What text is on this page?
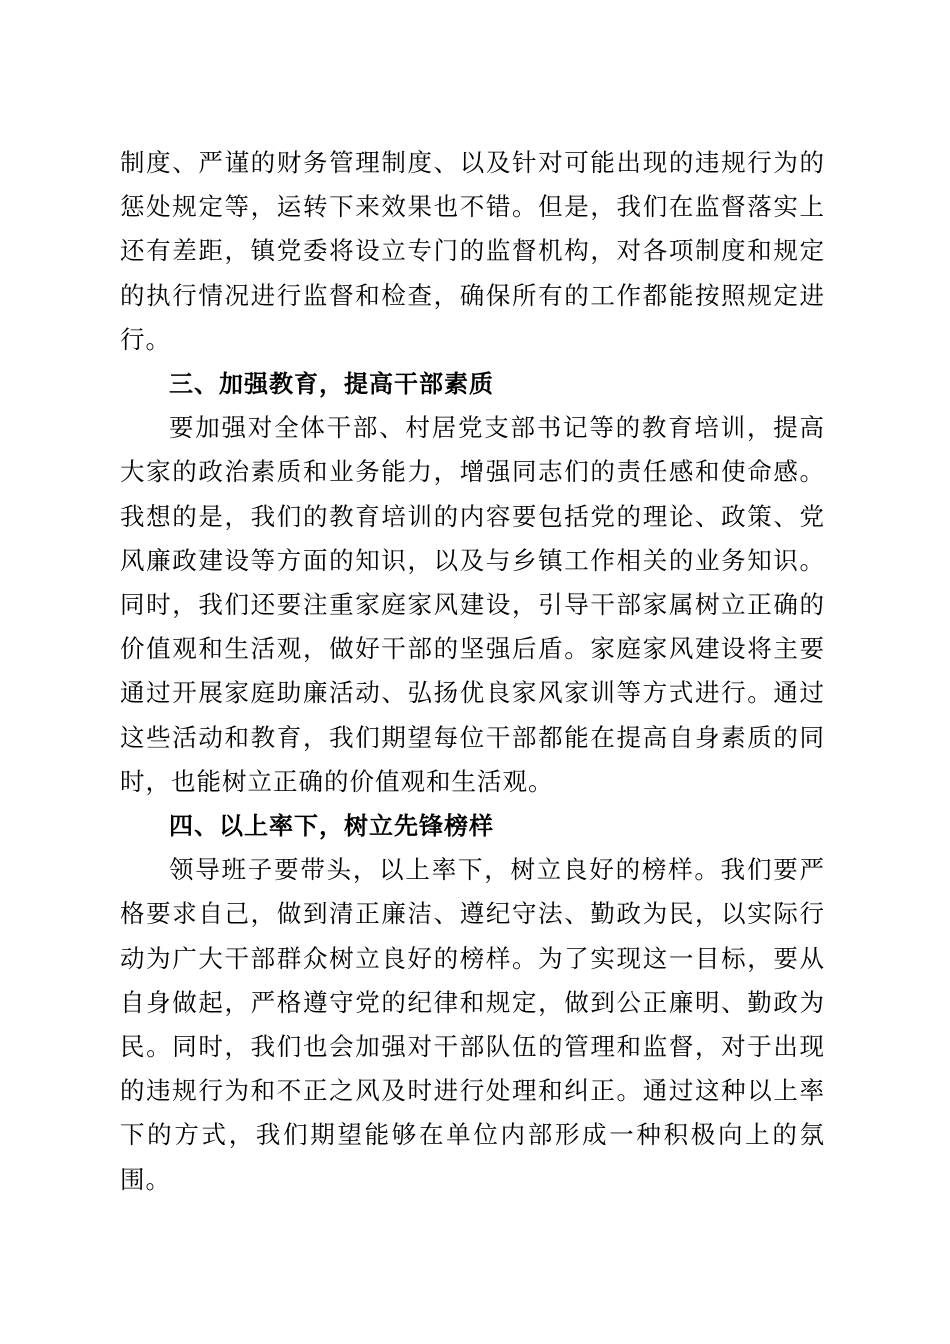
制度、严谨的财务管理制度、以及针对可能出现的违规行为的惩处规定等，运转下来效果也不错。但是，我们在监督落实上还有差距，镇党委将设立专门的监督机构，对各项制度和规定的执行情况进行监督和检查，确保所有的工作都能按照规定进行。

三、加强教育，提高干部素质

要加强对全体干部、村居党支部书记等的教育培训，提高大家的政治素质和业务能力，增强同志们的责任感和使命感。我想的是，我们的教育培训的内容要包括党的理论、政策、党风廉政建设等方面的知识，以及与乡镇工作相关的业务知识。同时，我们还要注重家庭家风建设，引导干部家属树立正确的价值观和生活观，做好干部的坚强后盾。家庭家风建设将主要通过开展家庭助廉活动、弘扬优良家风家训等方式进行。通过这些活动和教育，我们期望每位干部都能在提高自身素质的同时，也能树立正确的价值观和生活观。

四、以上率下，树立先锋榜样

领导班子要带头，以上率下，树立良好的榜样。我们要严格要求自己，做到清正廉洁、遵纪守法、勤政为民，以实际行动为广大干部群众树立良好的榜样。为了实现这一目标，要从自身做起，严格遵守党的纪律和规定，做到公正廉明、勤政为民。同时，我们也会加强对干部队伍的管理和监督，对于出现的违规行为和不正之风及时进行处理和纠正。通过这种以上率下的方式，我们期望能够在单位内部形成一种积极向上的氛围。
